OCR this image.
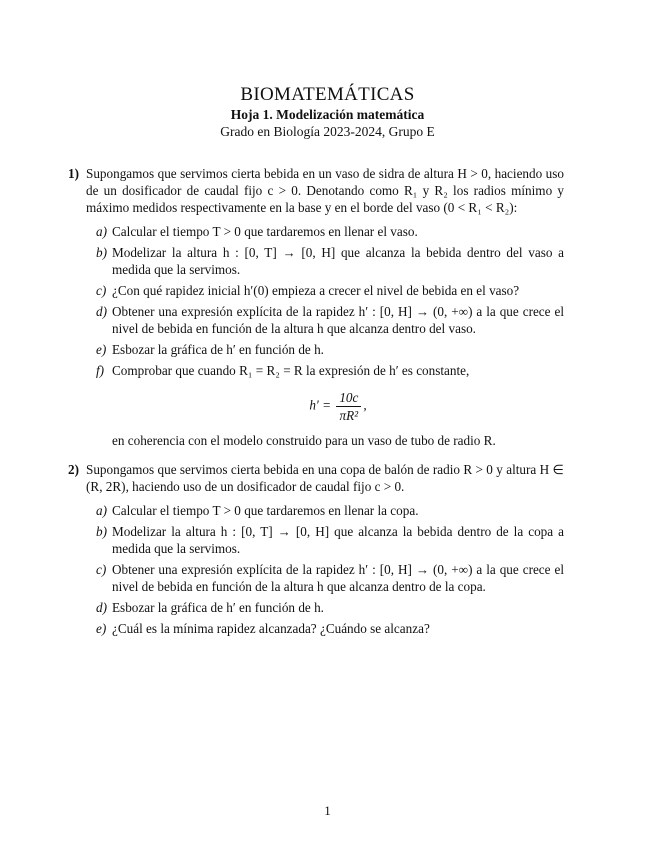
BIOMATEMÁTICAS
Hoja 1. Modelización matemática
Grado en Biología 2023-2024, Grupo E
1) Supongamos que servimos cierta bebida en un vaso de sidra de altura H > 0, haciendo uso de un dosificador de caudal fijo c > 0. Denotando como R₁ y R₂ los radios mínimo y máximo medidos respectivamente en la base y en el borde del vaso (0 < R₁ < R₂):

a) Calcular el tiempo T > 0 que tardaremos en llenar el vaso.
b) Modelizar la altura h : [0, T] → [0, H] que alcanza la bebida dentro del vaso a medida que la servimos.
c) ¿Con qué rapidez inicial h′(0) empieza a crecer el nivel de bebida en el vaso?
d) Obtener una expresión explícita de la rapidez h′ : [0, H] → (0, +∞) a la que crece el nivel de bebida en función de la altura h que alcanza dentro del vaso.
e) Esbozar la gráfica de h′ en función de h.
f) Comprobar que cuando R₁ = R₂ = R la expresión de h′ es constante,
$h' = \frac{10c}{\text{πR²}}$ ,

en coherencia con el modelo construido para un vaso de tubo de radio R.

2) Supongamos que servimos cierta bebida en una copa de balón de radio R > 0 y altura H ∈ (R, 2R), haciendo uso de un dosificador de caudal fijo c > 0.

a) Calcular el tiempo T > 0 que tardaremos en llenar la copa.
b) Modelizar la altura h : [0, T] → [0, H] que alcanza la bebida dentro de la copa a medida que la servimos.
c) Obtener una expresión explícita de la rapidez h′ : [0, H] → (0, +∞) a la que crece el nivel de bebida en función de la altura h que alcanza dentro de la copa.
d) Esbozar la gráfica de h′ en función de h.
e) ¿Cuál es la mínima rapidez alcanzada? ¿Cuándo se alcanza?
1
